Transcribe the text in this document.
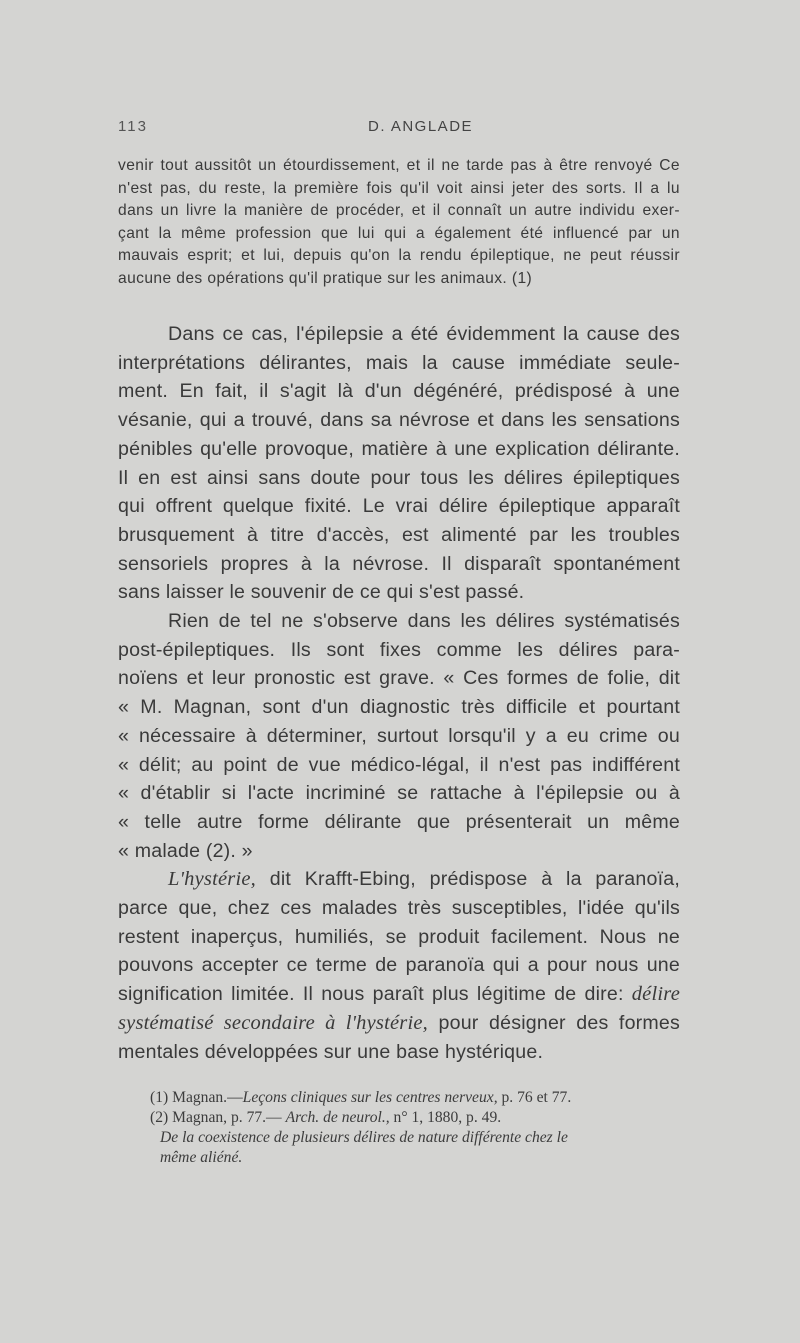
113	D. ANGLADE
venir tout aussitôt un étourdissement, et il ne tarde pas à être renvoyé Ce
n'est pas, du reste, la première fois qu'il voit ainsi jeter des sorts. Il a lu
dans un livre la manière de procéder, et il connaît un autre individu exer-
çant la même profession que lui qui a également été influencé par un
mauvais esprit; et lui, depuis qu'on la rendu épileptique, ne peut réussir
aucune des opérations qu'il pratique sur les animaux. (1)
Dans ce cas, l'épilepsie a été évidemment la cause des
interprétations délirantes, mais la cause immédiate seule-
ment. En fait, il s'agit là d'un dégénéré, prédisposé à une
vésanie, qui a trouvé, dans sa névrose et dans les sensations
pénibles qu'elle provoque, matière à une explication délirante.
Il en est ainsi sans doute pour tous les délires épileptiques
qui offrent quelque fixité. Le vrai délire épileptique apparaît
brusquement à titre d'accès, est alimenté par les troubles
sensoriels propres à la névrose. Il disparaît spontanément
sans laisser le souvenir de ce qui s'est passé.
Rien de tel ne s'observe dans les délires systématisés
post-épileptiques. Ils sont fixes comme les délires para-
noïens et leur pronostic est grave. « Ces formes de folie, dit
« M. Magnan, sont d'un diagnostic très difficile et pourtant
« nécessaire à déterminer, surtout lorsqu'il y a eu crime ou
« délit; au point de vue médico-légal, il n'est pas indifférent
« d'établir si l'acte incriminé se rattache à l'épilepsie ou à
« telle autre forme délirante que présenterait un même
« malade (2). »
L'hystérie, dit Krafft-Ebing, prédispose à la paranoïa,
parce que, chez ces malades très susceptibles, l'idée qu'ils
restent inaperçus, humiliés, se produit facilement. Nous ne
pouvons accepter ce terme de paranoïa qui a pour nous une
signification limitée. Il nous paraît plus légitime de dire: délire
systématisé secondaire à l'hystérie, pour désigner des formes
mentales développées sur une base hystérique.
(1) Magnan.—Leçons cliniques sur les centres nerveux, p. 76 et 77.
(2) Magnan, p. 77.— Arch. de neurol., n° 1, 1880, p. 49.
De la coexistence de plusieurs délires de nature différente chez le
même aliéné.
